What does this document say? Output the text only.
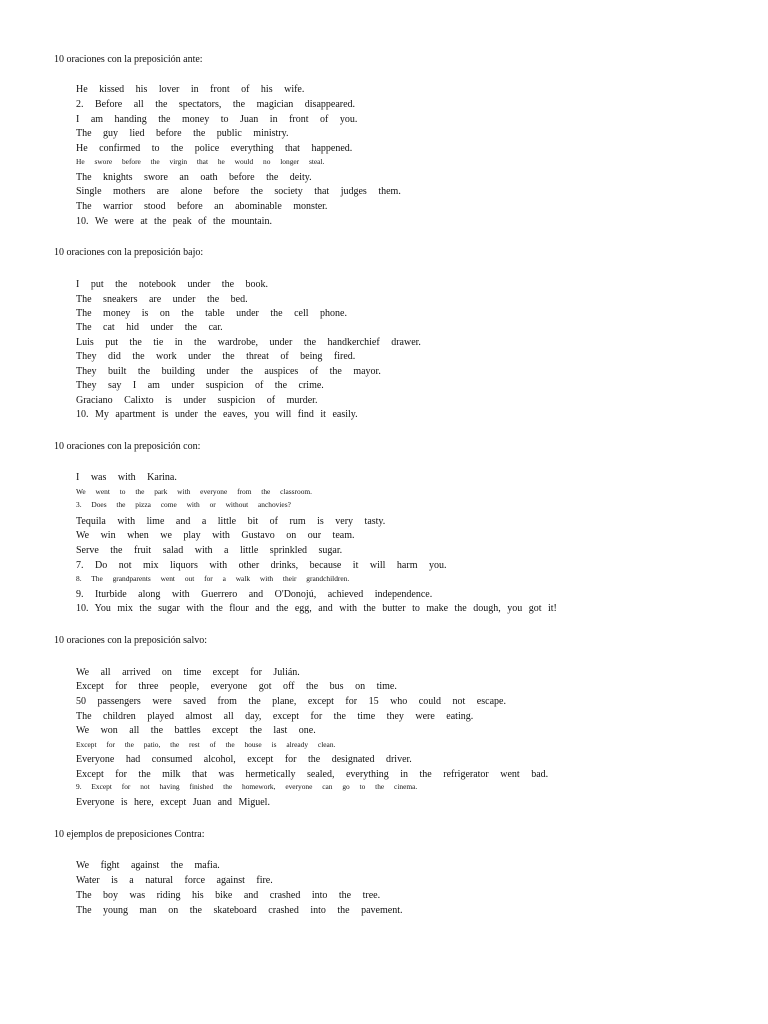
10 oraciones con la preposición ante:
He kissed his lover in front of his wife.
2. Before all the spectators, the magician disappeared.
I am handing the money to Juan in front of you.
The guy lied before the public ministry.
He confirmed to the police everything that happened.
He swore before the virgin that he would no longer steal.
The knights swore an oath before the deity.
Single mothers are alone before the society that judges them.
The warrior stood before an abominable monster.
10. We were at the peak of the mountain.
10 oraciones con la preposición bajo:
I put the notebook under the book.
The sneakers are under the bed.
The money is on the table under the cell phone.
The cat hid under the car.
Luis put the tie in the wardrobe, under the handkerchief drawer.
They did the work under the threat of being fired.
They built the building under the auspices of the mayor.
They say I am under suspicion of the crime.
Graciano Calixto is under suspicion of murder.
10. My apartment is under the eaves, you will find it easily.
10 oraciones con la preposición con:
I was with Karina.
We went to the park with everyone from the classroom.
3. Does the pizza come with or without anchovies?
Tequila with lime and a little bit of rum is very tasty.
We win when we play with Gustavo on our team.
Serve the fruit salad with a little sprinkled sugar.
7. Do not mix liquors with other drinks, because it will harm you.
8. The grandparents went out for a walk with their grandchildren.
9. Iturbide along with Guerrero and O'Donojú, achieved independence.
10. You mix the sugar with the flour and the egg, and with the butter to make the dough, you got it!
10 oraciones con la preposición salvo:
We all arrived on time except for Julián.
Except for three people, everyone got off the bus on time.
50 passengers were saved from the plane, except for 15 who could not escape.
The children played almost all day, except for the time they were eating.
We won all the battles except the last one.
Except for the patio, the rest of the house is already clean.
Everyone had consumed alcohol, except for the designated driver.
Except for the milk that was hermetically sealed, everything in the refrigerator went bad.
9. Except for not having finished the homework, everyone can go to the cinema.
Everyone is here, except Juan and Miguel.
10 ejemplos de preposiciones Contra:
We fight against the mafia.
Water is a natural force against fire.
The boy was riding his bike and crashed into the tree.
The young man on the skateboard crashed into the pavement.
